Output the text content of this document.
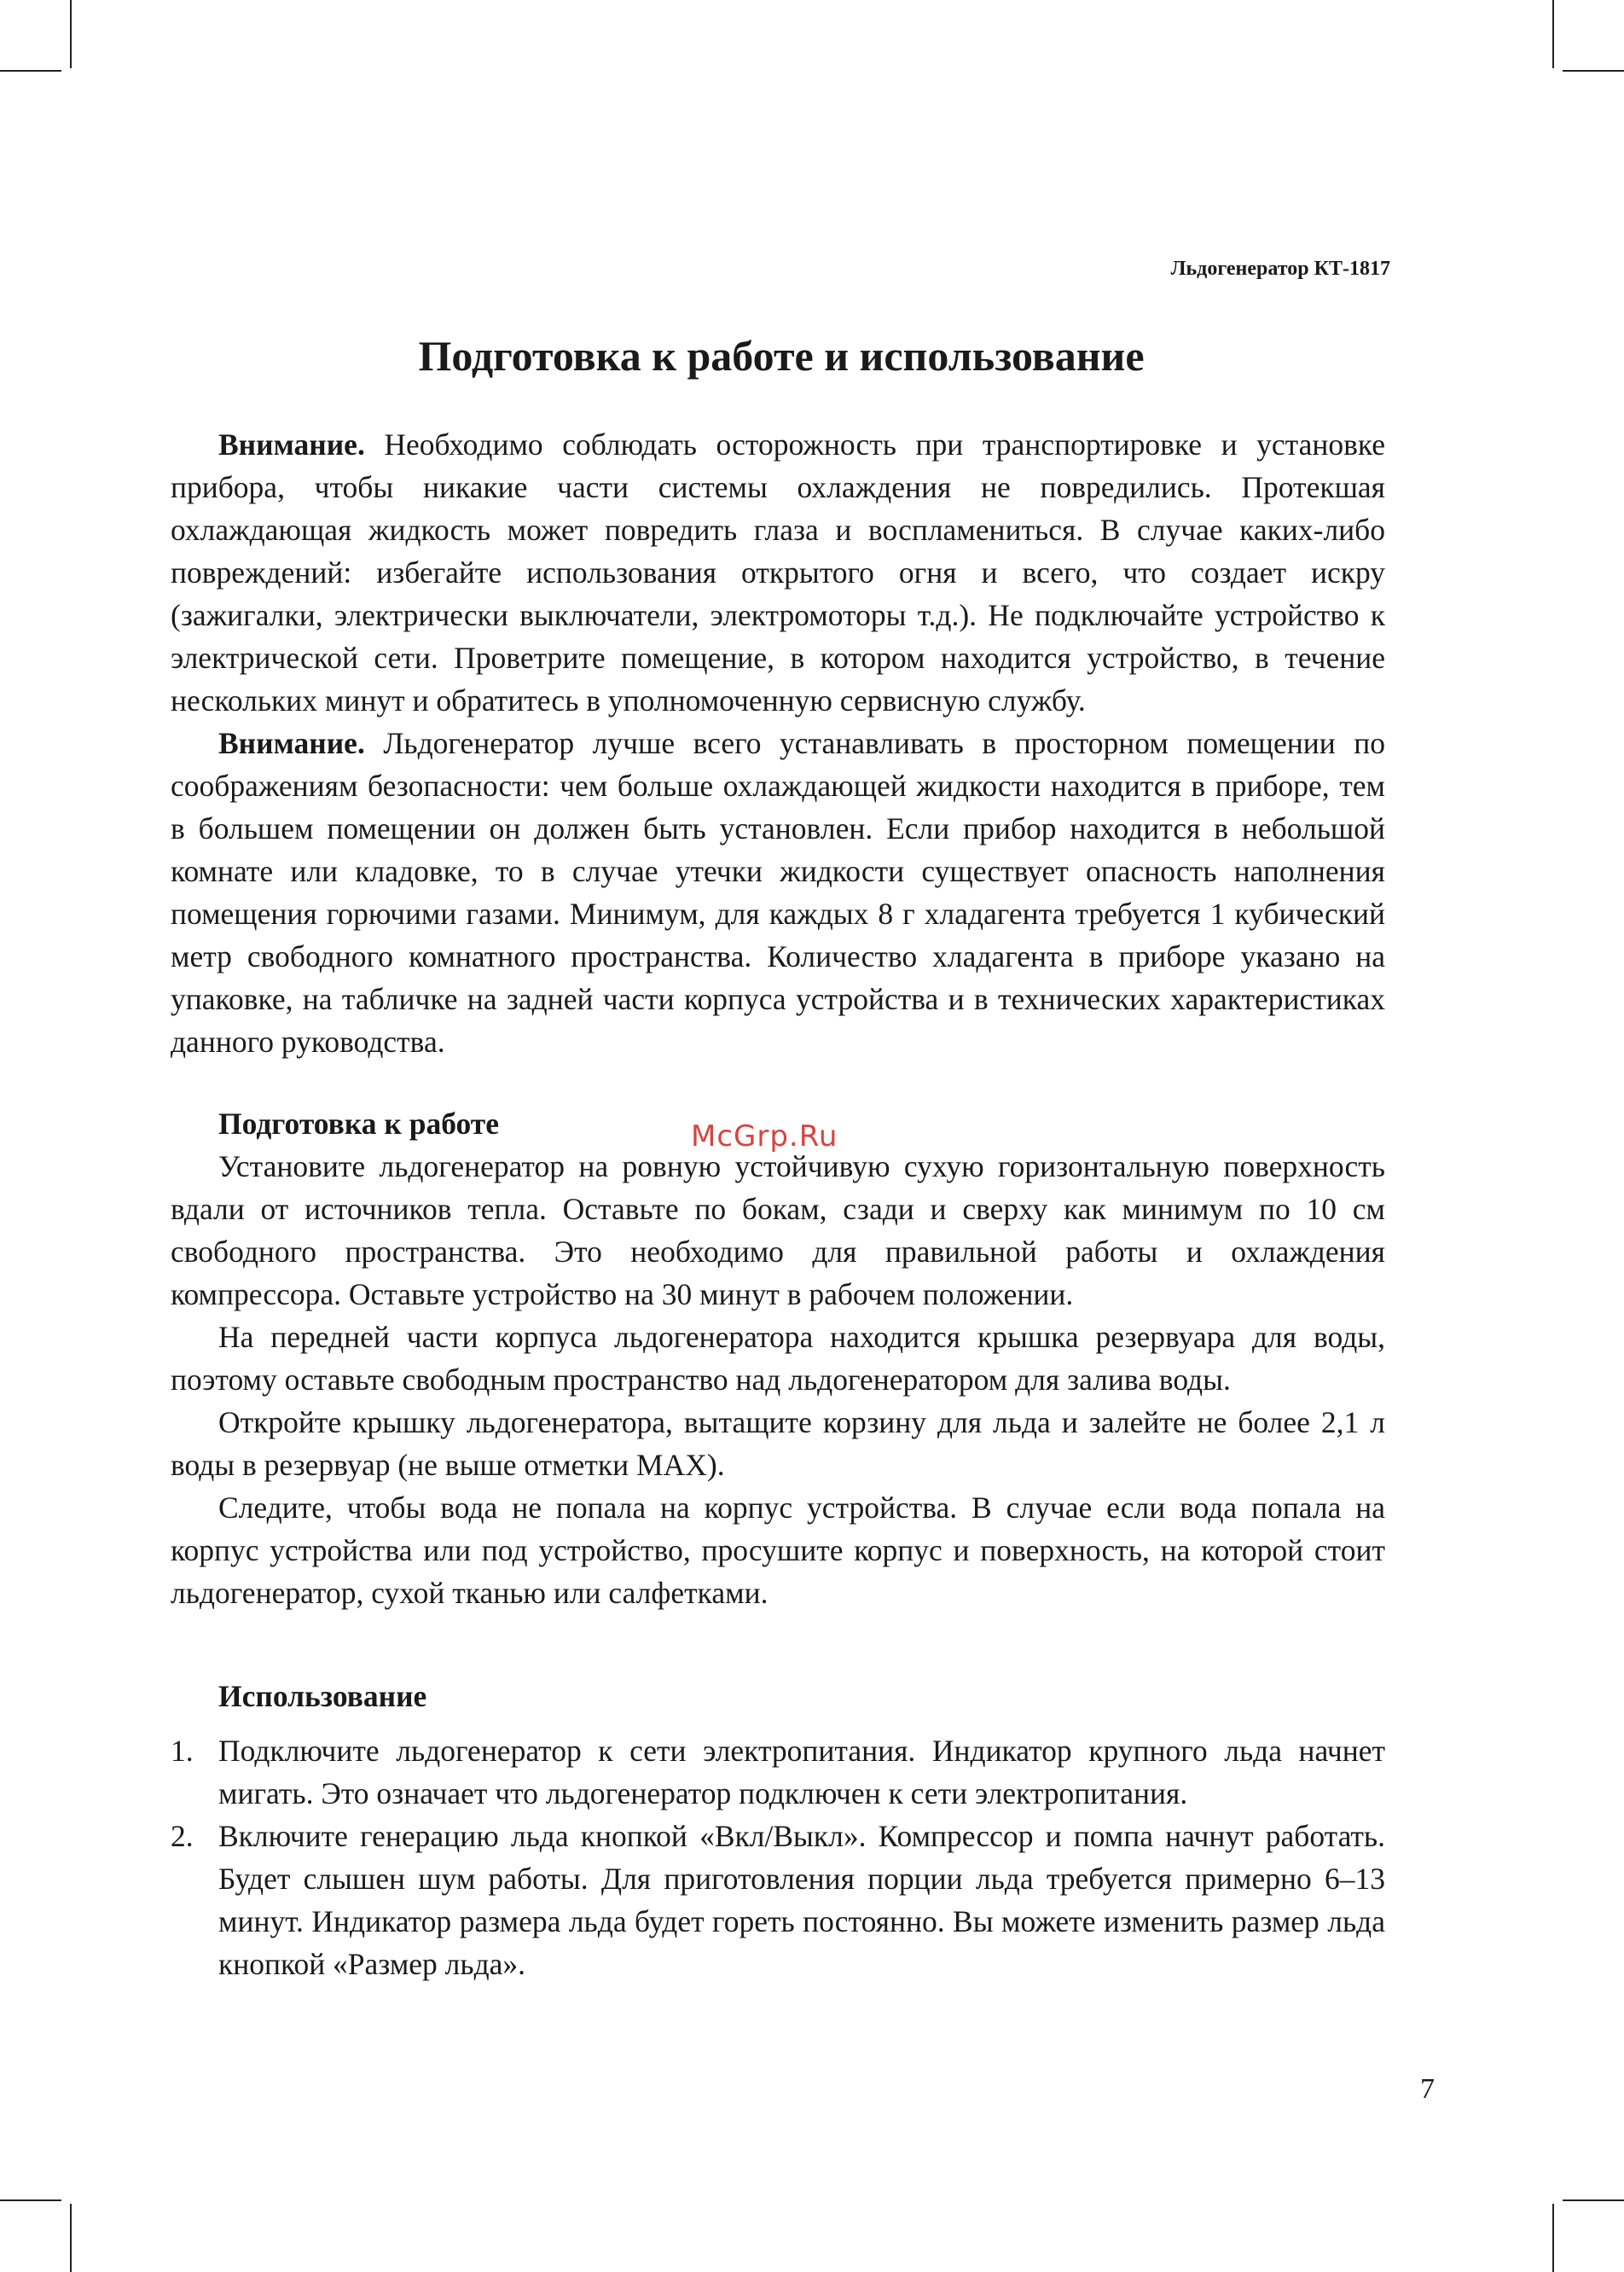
Льдогенератор КТ-1817
Подготовка к работе и использование

Внимание. Необходимо соблюдать осторожность при транспортировке и установке прибора, чтобы никакие части системы охлаждения не повредились. Протекшая охлаждающая жидкость может повредить глаза и воспламениться. В случае каких-либо повреждений: избегайте использования открытого огня и всего, что создает искру (зажигалки, электрически выключатели, электромоторы т.д.). Не подключайте устройство к электрической сети. Проветрите помещение, в котором находится устройство, в течение нескольких минут и обратитесь в уполномоченную сервисную службу.

Внимание. Льдогенератор лучше всего устанавливать в просторном помещении по соображениям безопасности: чем больше охлаждающей жидкости находится в приборе, тем в большем помещении он должен быть установлен. Если прибор находится в небольшой комнате или кладовке, то в случае утечки жидкости существует опасность наполнения помещения горючими газами. Минимум, для каждых 8 г хладагента требуется 1 кубический метр свободного комнатного пространства. Количество хладагента в приборе указано на упаковке, на табличке на задней части корпуса устройства и в технических характеристиках данного руководства.

McGrp.Ru

Подготовка к работе

Установите льдогенератор на ровную устойчивую сухую горизонтальную поверхность вдали от источников тепла. Оставьте по бокам, сзади и сверху как минимум по 10 см свободного пространства. Это необходимо для правильной работы и охлаждения компрессора. Оставьте устройство на 30 минут в рабочем положении.

На передней части корпуса льдогенератора находится крышка резервуара для воды, поэтому оставьте свободным пространство над льдогенератором для залива воды.

Откройте крышку льдогенератора, вытащите корзину для льда и залейте не более 2,1 л воды в резервуар (не выше отметки MAX).

Следите, чтобы вода не попала на корпус устройства. В случае если вода попала на корпус устройства или под устройство, просушите корпус и поверхность, на которой стоит льдогенератор, сухой тканью или салфетками.

Использование

1. Подключите льдогенератор к сети электропитания. Индикатор крупного льда начнет мигать. Это означает что льдогенератор подключен к сети электропитания.
2. Включите генерацию льда кнопкой «Вкл/Выкл». Компрессор и помпа начнут работать. Будет слышен шум работы. Для приготовления порции льда требуется примерно 6–13 минут. Индикатор размера льда будет гореть постоянно. Вы можете изменить размер льда кнопкой «Размер льда».
7
